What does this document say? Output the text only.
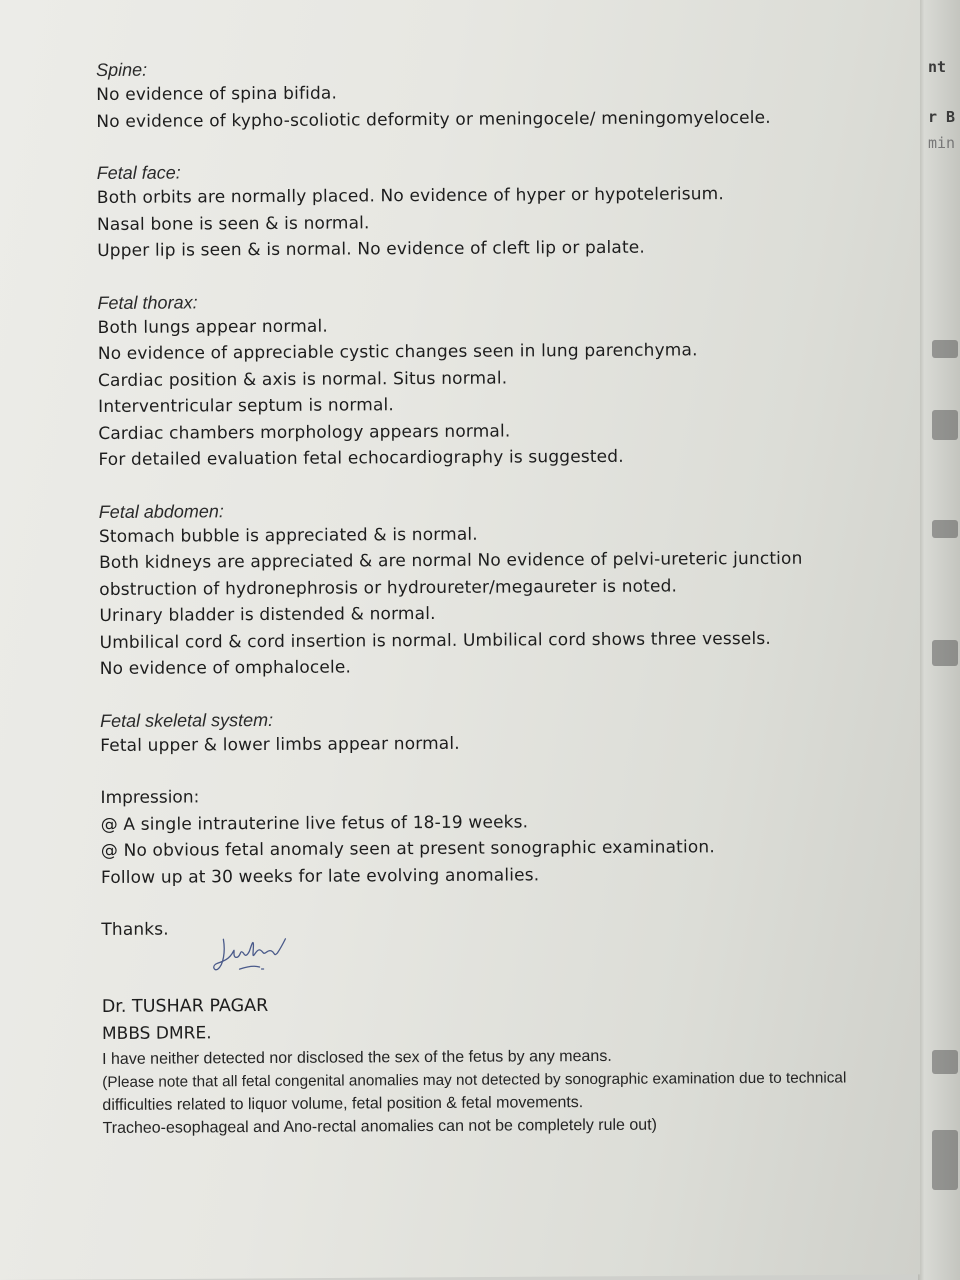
nt
r B
min
Spine:
No evidence of spina bifida.
No evidence of kypho-scoliotic deformity or meningocele/ meningomyelocele.
Fetal face:
Both orbits are normally placed. No evidence of hyper or hypotelerisum.
Nasal bone is seen & is normal.
Upper lip is seen & is normal. No evidence of cleft lip or palate.
Fetal thorax:
Both lungs appear normal.
No evidence of appreciable cystic changes seen in lung parenchyma.
Cardiac position & axis is normal. Situs normal.
Interventricular septum is normal.
Cardiac chambers morphology appears normal.
For detailed evaluation fetal echocardiography is suggested.
Fetal abdomen:
Stomach bubble is appreciated & is normal.
Both kidneys are appreciated & are normal No evidence of pelvi-ureteric junction
obstruction of hydronephrosis or hydroureter/megaureter is noted.
Urinary bladder is distended & normal.
Umbilical cord & cord insertion is normal. Umbilical cord shows three vessels.
No evidence of omphalocele.
Fetal skeletal system:
Fetal upper & lower limbs appear normal.
Impression:
@ A single intrauterine live fetus of 18-19 weeks.
@ No obvious fetal anomaly seen at present sonographic examination.
Follow up at 30 weeks for late evolving anomalies.
Thanks.
Dr. TUSHAR PAGAR
MBBS DMRE.
I have neither detected nor disclosed the sex of the fetus by any means.
(Please note that all fetal congenital anomalies may not detected by sonographic examination due to technical
difficulties related to liquor volume, fetal position & fetal movements.
Tracheo-esophageal and Ano-rectal anomalies can not be completely rule out)
